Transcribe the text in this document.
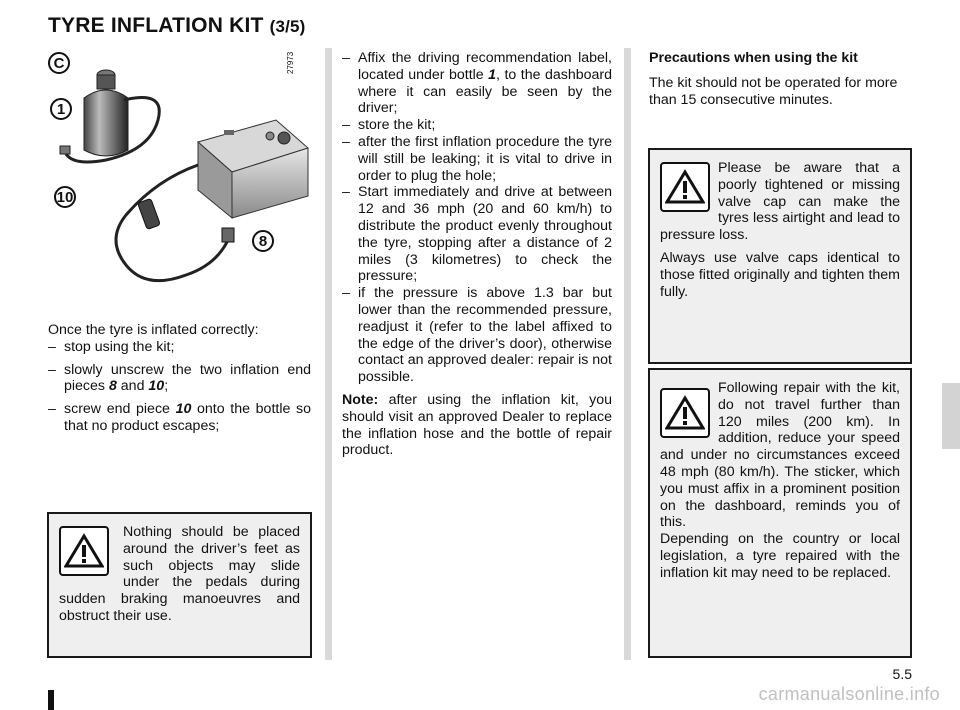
TYRE INFLATION KIT (3/5)
C	27973
1
10
8

Once the tyre is inflated correctly:

– stop using the kit;

– slowly unscrew the two inflation end pieces 8 and 10;

– screw end piece 10 onto the bottle so that no product escapes;

Nothing should be placed around the driver’s feet as such objects may slide under the pedals during sudden braking manoeuvres and obstruct their use.

– Affix the driving recommendation label, located under bottle 1, to the dashboard where it can easily be seen by the driver;

– store the kit;

– after the first inflation procedure the tyre will still be leaking; it is vital to drive in order to plug the hole;

– Start immediately and drive at between 12 and 36 mph (20 and 60 km/h) to distribute the product evenly throughout the tyre, stopping after a distance of 2 miles (3 kilometres) to check the pressure;

– if the pressure is above 1.3 bar but lower than the recommended pressure, readjust it (refer to the label affixed to the edge of the driver’s door), otherwise contact an approved dealer: repair is not possible.

Note: after using the inflation kit, you should visit an approved Dealer to replace the inflation hose and the bottle of repair product.

Precautions when using the kit

The kit should not be operated for more than 15 consecutive minutes.

Please be aware that a poorly tightened or missing valve cap can make the tyres less airtight and lead to pressure loss.

Always use valve caps identical to those fitted originally and tighten them fully.

Following repair with the kit, do not travel further than 120 miles (200 km). In addition, reduce your speed and under no circumstances exceed 48 mph (80 km/h). The sticker, which you must affix in a prominent position on the dashboard, reminds you of this.

Depending on the country or local legislation, a tyre repaired with the inflation kit may need to be replaced.

5.5
carmanualsonline.info
